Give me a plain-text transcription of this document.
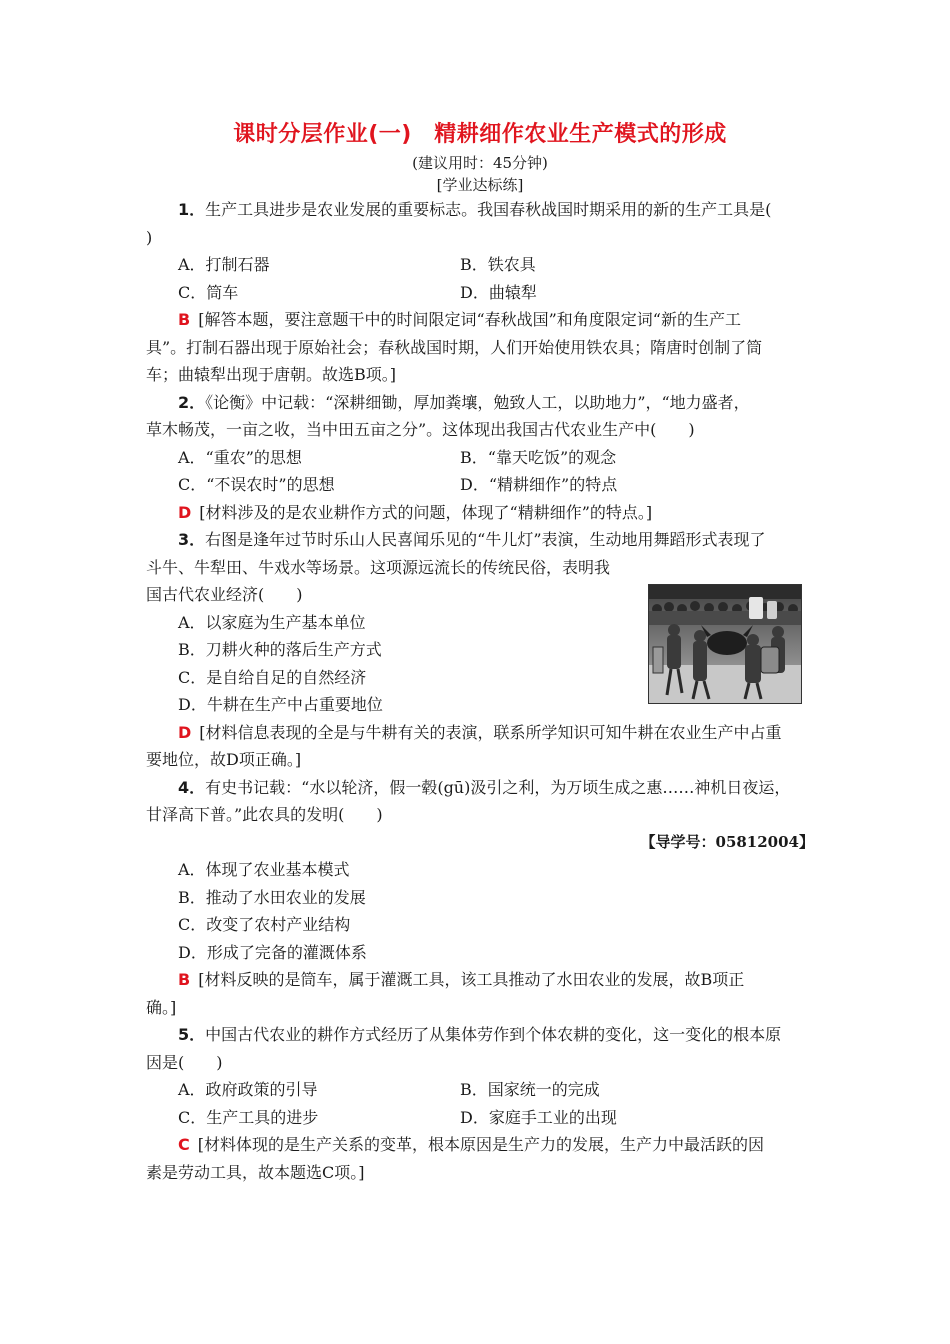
课时分层作业(一)　精耕细作农业生产模式的形成
(建议用时：45分钟)
[学业达标练]
1．生产工具进步是农业发展的重要标志。我国春秋战国时期采用的新的生产工具是(
)
A．打制石器	B．铁农具
C．筒车	D．曲辕犁
B [解答本题，要注意题干中的时间限定词“春秋战国”和角度限定词“新的生产工
具”。打制石器出现于原始社会；春秋战国时期，人们开始使用铁农具；隋唐时创制了筒
车；曲辕犁出现于唐朝。故选B项。]
2．《论衡》中记载：“深耕细锄，厚加粪壤，勉致人工，以助地力”，“地力盛者，
草木畅茂，一亩之收，当中田五亩之分”。这体现出我国古代农业生产中(　　)
A．“重农”的思想	B．“靠天吃饭”的观念
C．“不误农时”的思想	D．“精耕细作”的特点
D [材料涉及的是农业耕作方式的问题，体现了“精耕细作”的特点。]
3．右图是逢年过节时乐山人民喜闻乐见的“牛儿灯”表演，生动地用舞蹈形式表现了
斗牛、牛犁田、牛戏水等场景。这项源远流长的传统民俗，表明我
国古代农业经济(　　)
A．以家庭为生产基本单位
B．刀耕火种的落后生产方式
C．是自给自足的自然经济
D．牛耕在生产中占重要地位
D [材料信息表现的全是与牛耕有关的表演，联系所学知识可知牛耕在农业生产中占重
要地位，故D项正确。]
4．有史书记载：“水以轮济，假一毂(gū)汲引之利，为万顷生成之惠……神机日夜运，
甘泽高下普。”此农具的发明(　　)
【导学号：05812004】
A．体现了农业基本模式
B．推动了水田农业的发展
C．改变了农村产业结构
D．形成了完备的灌溉体系
B [材料反映的是筒车，属于灌溉工具，该工具推动了水田农业的发展，故B项正
确。]
5．中国古代农业的耕作方式经历了从集体劳作到个体农耕的变化，这一变化的根本原
因是(　　)
A．政府政策的引导	B．国家统一的完成
C．生产工具的进步	D．家庭手工业的出现
C [材料体现的是生产关系的变革，根本原因是生产力的发展，生产力中最活跃的因
素是劳动工具，故本题选C项。]
